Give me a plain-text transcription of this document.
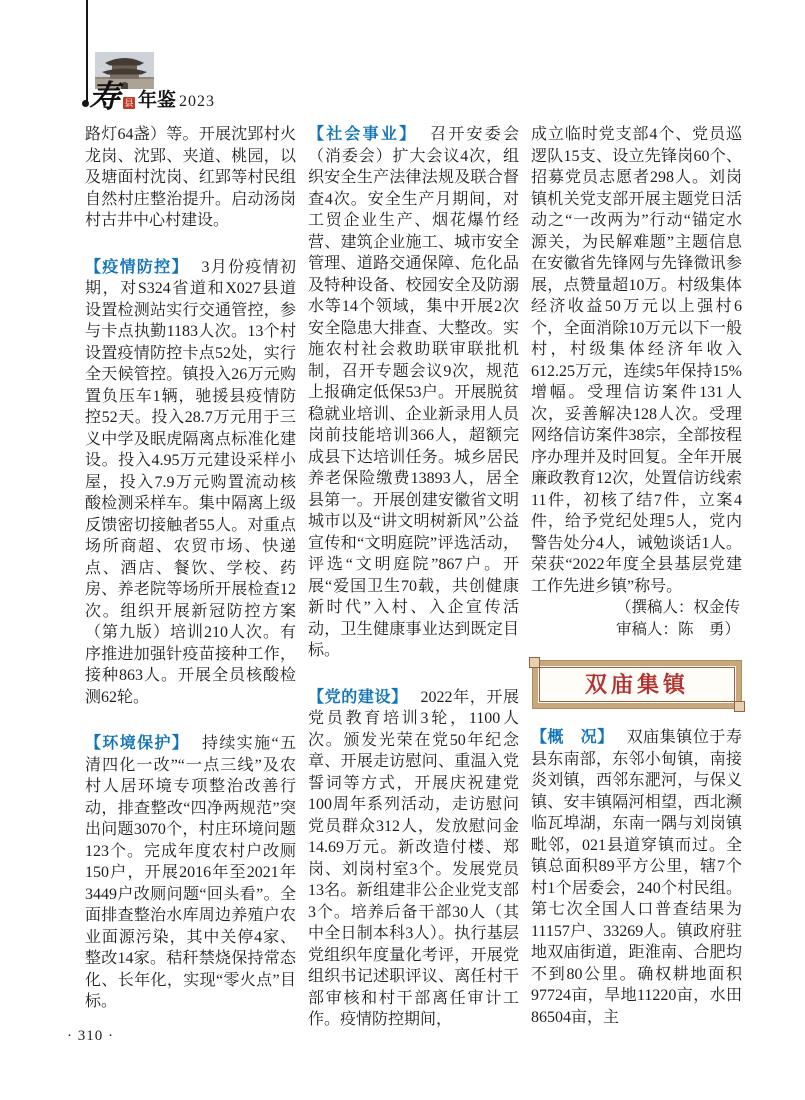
寿 县 年鉴 2023

路灯64盏）等。开展沈郢村火龙岗、沈郢、夹道、桃园，以及塘面村沈岗、红郢等村民组自然村庄整治提升。启动汤岗村古井中心村建设。

【疫情防控】 3月份疫情初期，对S324省道和X027县道设置检测站实行交通管控，参与卡点执勤1183人次。13个村设置疫情防控卡点52处，实行全天候管控。镇投入26万元购置负压车1辆，驰援县疫情防控52天。投入28.7万元用于三义中学及眠虎隔离点标准化建设。投入4.95万元建设采样小屋，投入7.9万元购置流动核酸检测采样车。集中隔离上级反馈密切接触者55人。对重点场所商超、农贸市场、快递点、酒店、餐饮、学校、药房、养老院等场所开展检查12次。组织开展新冠防控方案（第九版）培训210人次。有序推进加强针疫苗接种工作，接种863人。开展全员核酸检测62轮。

【环境保护】 持续实施“五清四化一改”“一点三线”及农村人居环境专项整治改善行动，排查整改“四净两规范”突出问题3070个，村庄环境问题123个。完成年度农村户改厕150户，开展2016年至2021年3449户改厕问题“回头看”。全面排查整治水库周边养殖户农业面源污染，其中关停4家、整改14家。秸秆禁烧保持常态化、长年化，实现“零火点”目标。

【社会事业】 召开安委会（消委会）扩大会议4次，组织安全生产法律法规及联合督查4次。安全生产月期间，对工贸企业生产、烟花爆竹经营、建筑企业施工、城市安全管理、道路交通保障、危化品及特种设备、校园安全及防溺水等14个领域，集中开展2次安全隐患大排查、大整改。实施农村社会救助联审联批机制，召开专题会议9次，规范上报确定低保53户。开展脱贫稳就业培训、企业新录用人员岗前技能培训366人，超额完成县下达培训任务。城乡居民养老保险缴费13893人，居全县第一。开展创建安徽省文明城市以及“讲文明树新风”公益宣传和“文明庭院”评选活动，评选“文明庭院”867户。开展“爱国卫生70载，共创健康新时代”入村、入企宣传活动，卫生健康事业达到既定目标。

【党的建设】 2022年，开展党员教育培训3轮，1100人次。颁发光荣在党50年纪念章、开展走访慰问、重温入党誓词等方式，开展庆祝建党100周年系列活动，走访慰问党员群众312人，发放慰问金14.69万元。新改造付楼、郑岗、刘岗村室3个。发展党员13名。新组建非公企业党支部3个。培养后备干部30人（其中全日制本科3人）。执行基层党组织年度量化考评，开展党组织书记述职评议、离任村干部审核和村干部离任审计工作。疫情防控期间，

成立临时党支部4个、党员巡逻队15支、设立先锋岗60个、招募党员志愿者298人。刘岗镇机关党支部开展主题党日活动之“一改两为”行动“锚定水源关，为民解难题”主题信息在安徽省先锋网与先锋微讯参展，点赞量超10万。村级集体经济收益50万元以上强村6个，全面消除10万元以下一般村，村级集体经济年收入612.25万元，连续5年保持15%增幅。受理信访案件131人次，妥善解决128人次。受理网络信访案件38宗，全部按程序办理并及时回复。全年开展廉政教育12次，处置信访线索11件，初核了结7件，立案4件，给予党纪处理5人，党内警告处分4人，诫勉谈话1人。荣获“2022年度全县基层党建工作先进乡镇”称号。

（撰稿人：权金传
审稿人：陈　勇）
双庙集镇

【概　况】 双庙集镇位于寿县东南部，东邻小甸镇，南接炎刘镇，西邻东淝河，与保义镇、安丰镇隔河相望，西北濒临瓦埠湖，东南一隅与刘岗镇毗邻，021县道穿镇而过。全镇总面积89平方公里，辖7个村1个居委会，240个村民组。第七次全国人口普查结果为11157户、33269人。镇政府驻地双庙街道，距淮南、合肥均不到80公里。确权耕地面积97724亩，旱地11220亩，水田86504亩，主

· 310 ·
